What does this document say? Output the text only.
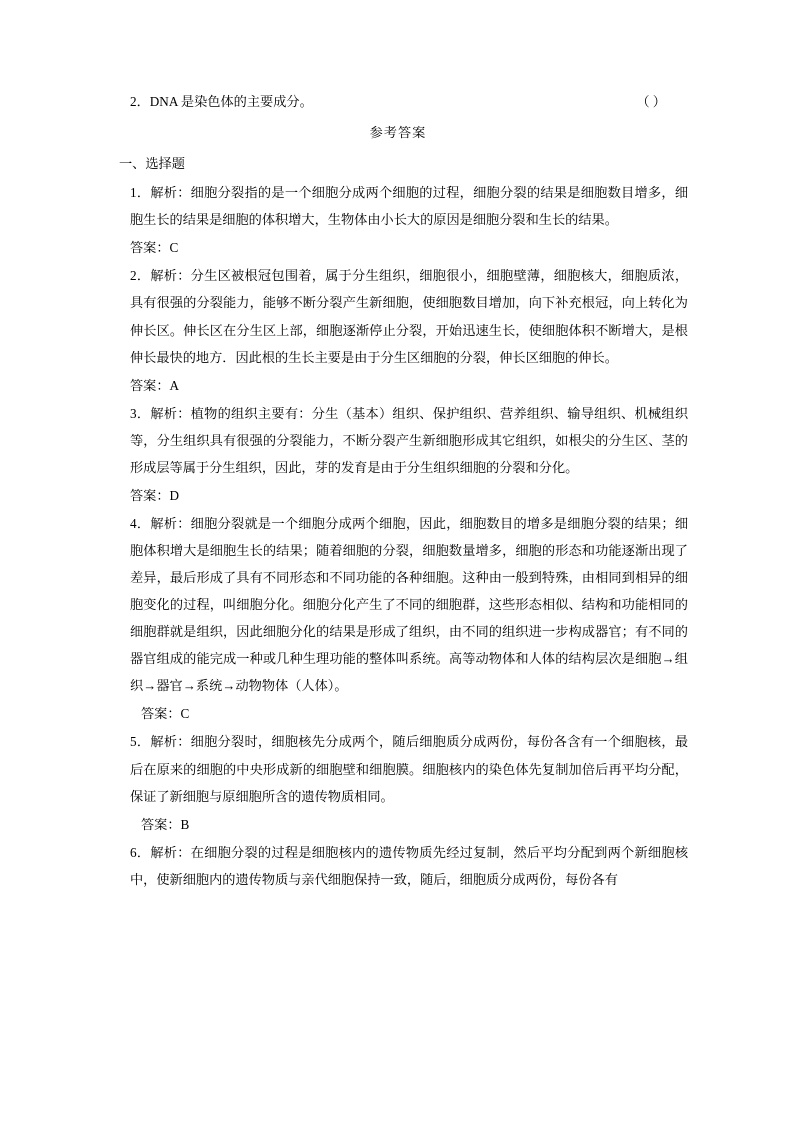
2．DNA 是染色体的主要成分。	（ ）
参考答案
一、选择题
1．解析：细胞分裂指的是一个细胞分成两个细胞的过程，细胞分裂的结果是细胞数目增多，细胞生长的结果是细胞的体积增大，生物体由小长大的原因是细胞分裂和生长的结果。
答案：C
2．解析：分生区被根冠包围着，属于分生组织，细胞很小，细胞壁薄，细胞核大，细胞质浓，具有很强的分裂能力，能够不断分裂产生新细胞，使细胞数目增加，向下补充根冠，向上转化为伸长区。伸长区在分生区上部，细胞逐渐停止分裂，开始迅速生长，使细胞体积不断增大，是根伸长最快的地方．因此根的生长主要是由于分生区细胞的分裂，伸长区细胞的伸长。
答案：A
3．解析：植物的组织主要有：分生（基本）组织、保护组织、营养组织、输导组织、机械组织等，分生组织具有很强的分裂能力，不断分裂产生新细胞形成其它组织，如根尖的分生区、茎的形成层等属于分生组织，因此，芽的发育是由于分生组织细胞的分裂和分化。
答案：D
4．解析：细胞分裂就是一个细胞分成两个细胞，因此，细胞数目的增多是细胞分裂的结果；细胞体积增大是细胞生长的结果；随着细胞的分裂，细胞数量增多，细胞的形态和功能逐渐出现了差异，最后形成了具有不同形态和不同功能的各种细胞。这种由一般到特殊，由相同到相异的细胞变化的过程，叫细胞分化。细胞分化产生了不同的细胞群，这些形态相似、结构和功能相同的细胞群就是组织，因此细胞分化的结果是形成了组织，由不同的组织进一步构成器官；有不同的器官组成的能完成一种或几种生理功能的整体叫系统。高等动物体和人体的结构层次是细胞→组织→器官→系统→动物物体（人体）。
答案：C
5．解析：细胞分裂时，细胞核先分成两个，随后细胞质分成两份，每份各含有一个细胞核，最后在原来的细胞的中央形成新的细胞壁和细胞膜。细胞核内的染色体先复制加倍后再平均分配，保证了新细胞与原细胞所含的遗传物质相同。
答案：B
6．解析：在细胞分裂的过程是细胞核内的遗传物质先经过复制，然后平均分配到两个新细胞核中，使新细胞内的遗传物质与亲代细胞保持一致，随后，细胞质分成两份，每份各有
